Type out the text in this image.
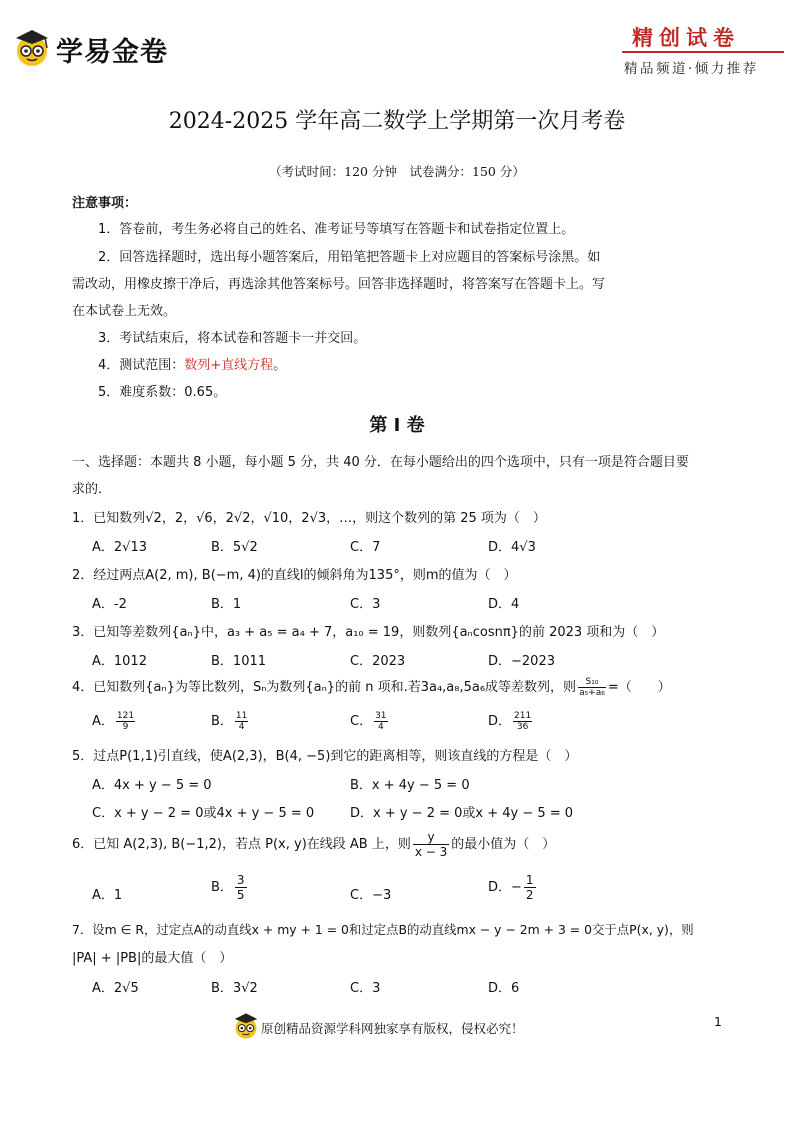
学易金卷	精创试卷
精品频道·倾力推荐
2024-2025 学年高二数学上学期第一次月考卷
（考试时间：120 分钟　试卷满分：150 分）
注意事项：
1．答卷前，考生务必将自己的姓名、准考证号等填写在答题卡和试卷指定位置上。
2．回答选择题时，选出每小题答案后，用铅笔把答题卡上对应题目的答案标号涂黑。如
需改动，用橡皮擦干净后，再选涂其他答案标号。回答非选择题时，将答案写在答题卡上。写
在本试卷上无效。
3．考试结束后，将本试卷和答题卡一并交回。
4．测试范围：数列+直线方程。
5．难度系数：0.65。
第 Ⅰ 卷
一、选择题：本题共 8 小题，每小题 5 分，共 40 分．在每小题给出的四个选项中，只有一项是符合题目要
求的．
1．已知数列√2，2，√6，2√2，√10，2√3，…，则这个数列的第 25 项为（　）
A．2√13	B．5√2	C．7	D．4√3
2．经过两点A(2, m), B(−m, 4)的直线l的倾斜角为135°，则m的值为（　）
A．-2	B．1	C．3	D．4
3．已知等差数列{aₙ}中，a₃ + a₅ = a₄ + 7，a₁₀ = 19，则数列{aₙcosnπ}的前 2023 项和为（　）
A．1012	B．1011	C．2023	D．−2023
4．已知数列{aₙ}为等比数列，Sₙ为数列{aₙ}的前 n 项和.若3a₄,a₈,5a₆成等差数列，则 $\frac{\text{S₁₀}}{\text{a₅+a₆}}$ =（　　）
A． $\frac{121}{9}$	B． $\frac{11}{4}$	C． $\frac{31}{4}$	D． $\frac{211}{36}$
5．过点P(1,1)引直线，使A(2,3)，B(4, −5)到它的距离相等，则该直线的方程是（　）
A．4x + y − 5 = 0	B．x + 4y − 5 = 0
C．x + y − 2 = 0或4x + y − 5 = 0	D．x + y − 2 = 0或x + 4y − 5 = 0
6．已知 A(2,3), B(−1,2)，若点 P(x, y)在线段 AB 上，则 $\frac{y}{x - 3}$ 的最小值为（　）
A．1
B． $\frac{3}{5}$	C．−3
D．− $\frac{1}{2}$
7．设m ∈ R，过定点A的动直线x + my + 1 = 0和过定点B的动直线mx − y − 2m + 3 = 0交于点P(x, y)，则
|PA| + |PB|的最大值（　）
A．2√5	B．3√2	C．3	D．6
1
原创精品资源学科网独家享有版权，侵权必究！
